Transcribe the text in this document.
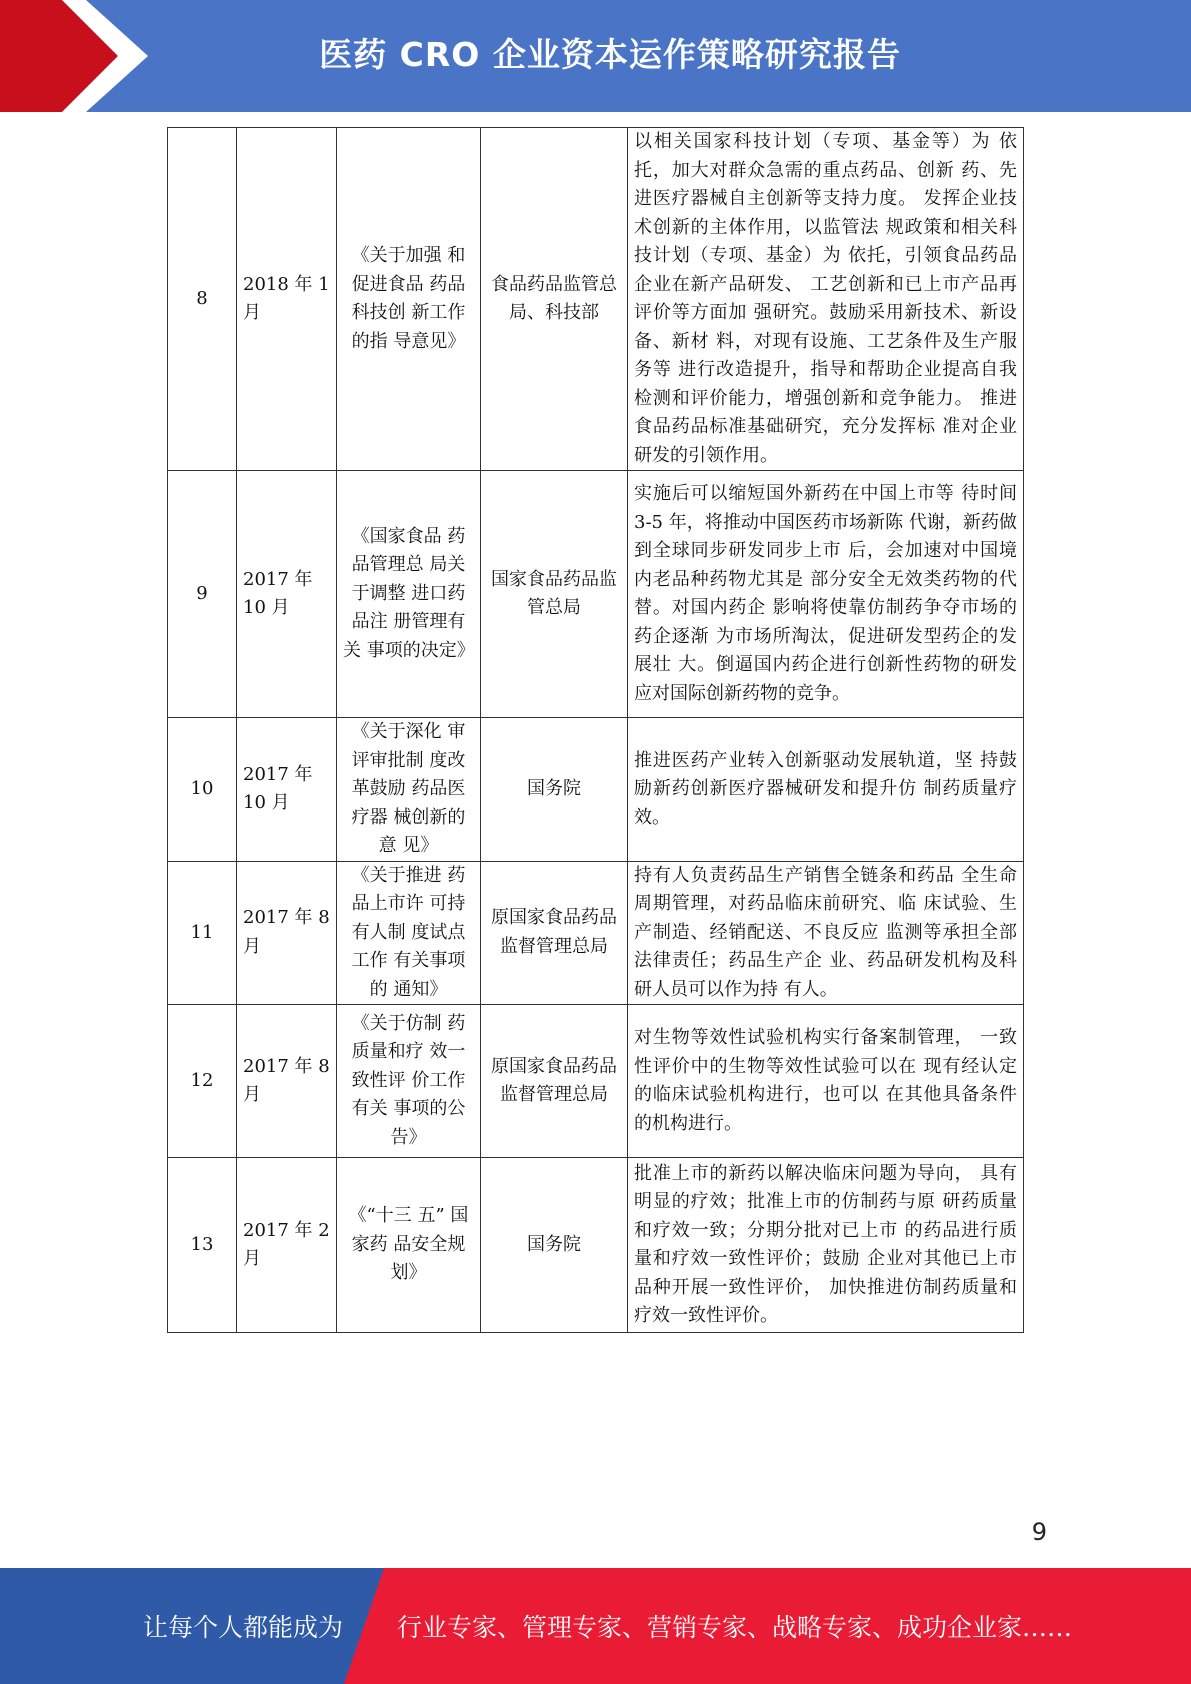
医药 CRO 企业资本运作策略研究报告
8	2018 年 1 月	《关于加强 和促进食品 药品科技创 新工作的指 导意见》	食品药品监管总局、科技部	以相关国家科技计划（专项、基金等）为 依托，加大对群众急需的重点药品、创新 药、先进医疗器械自主创新等支持力度。 发挥企业技术创新的主体作用，以监管法 规政策和相关科技计划（专项、基金）为 依托，引领食品药品企业在新产品研发、 工艺创新和已上市产品再评价等方面加 强研究。鼓励采用新技术、新设备、新材 料，对现有设施、工艺条件及生产服务等 进行改造提升，指导和帮助企业提高自我 检测和评价能力，增强创新和竞争能力。 推进食品药品标准基础研究，充分发挥标 准对企业研发的引领作用。
9	2017 年 10 月	《国家食品 药品管理总 局关于调整 进口药品注 册管理有关 事项的决定》	国家食品药品监管总局	实施后可以缩短国外新药在中国上市等 待时间 3-5 年，将推动中国医药市场新陈 代谢，新药做到全球同步研发同步上市 后，会加速对中国境内老品种药物尤其是 部分安全无效类药物的代替。对国内药企 影响将使靠仿制药争夺市场的药企逐渐 为市场所淘汰，促进研发型药企的发展壮 大。倒逼国内药企进行创新性药物的研发 应对国际创新药物的竞争。
10	2017 年 10 月	《关于深化 审评审批制 度改革鼓励 药品医疗器 械创新的意 见》	国务院	推进医药产业转入创新驱动发展轨道，坚 持鼓励新药创新医疗器械研发和提升仿 制药质量疗效。
11	2017 年 8 月	《关于推进 药品上市许 可持有人制 度试点工作 有关事项的 通知》	原国家食品药品监督管理总局	持有人负责药品生产销售全链条和药品 全生命周期管理，对药品临床前研究、临 床试验、生产制造、经销配送、不良反应 监测等承担全部法律责任；药品生产企 业、药品研发机构及科研人员可以作为持 有人。
12	2017 年 8 月	《关于仿制 药质量和疗 效一致性评 价工作有关 事项的公告》	原国家食品药品监督管理总局	对生物等效性试验机构实行备案制管理， 一致性评价中的生物等效性试验可以在 现有经认定的临床试验机构进行，也可以 在其他具备条件的机构进行。
13	2017 年 2 月	《“十三 五” 国家药 品安全规划》	国务院	批准上市的新药以解决临床问题为导向， 具有明显的疗效；批准上市的仿制药与原 研药质量和疗效一致；分期分批对已上市 的药品进行质量和疗效一致性评价；鼓励 企业对其他已上市品种开展一致性评价， 加快推进仿制药质量和疗效一致性评价。
9
让每个人都能成为 行业专家、管理专家、营销专家、战略专家、成功企业家……
